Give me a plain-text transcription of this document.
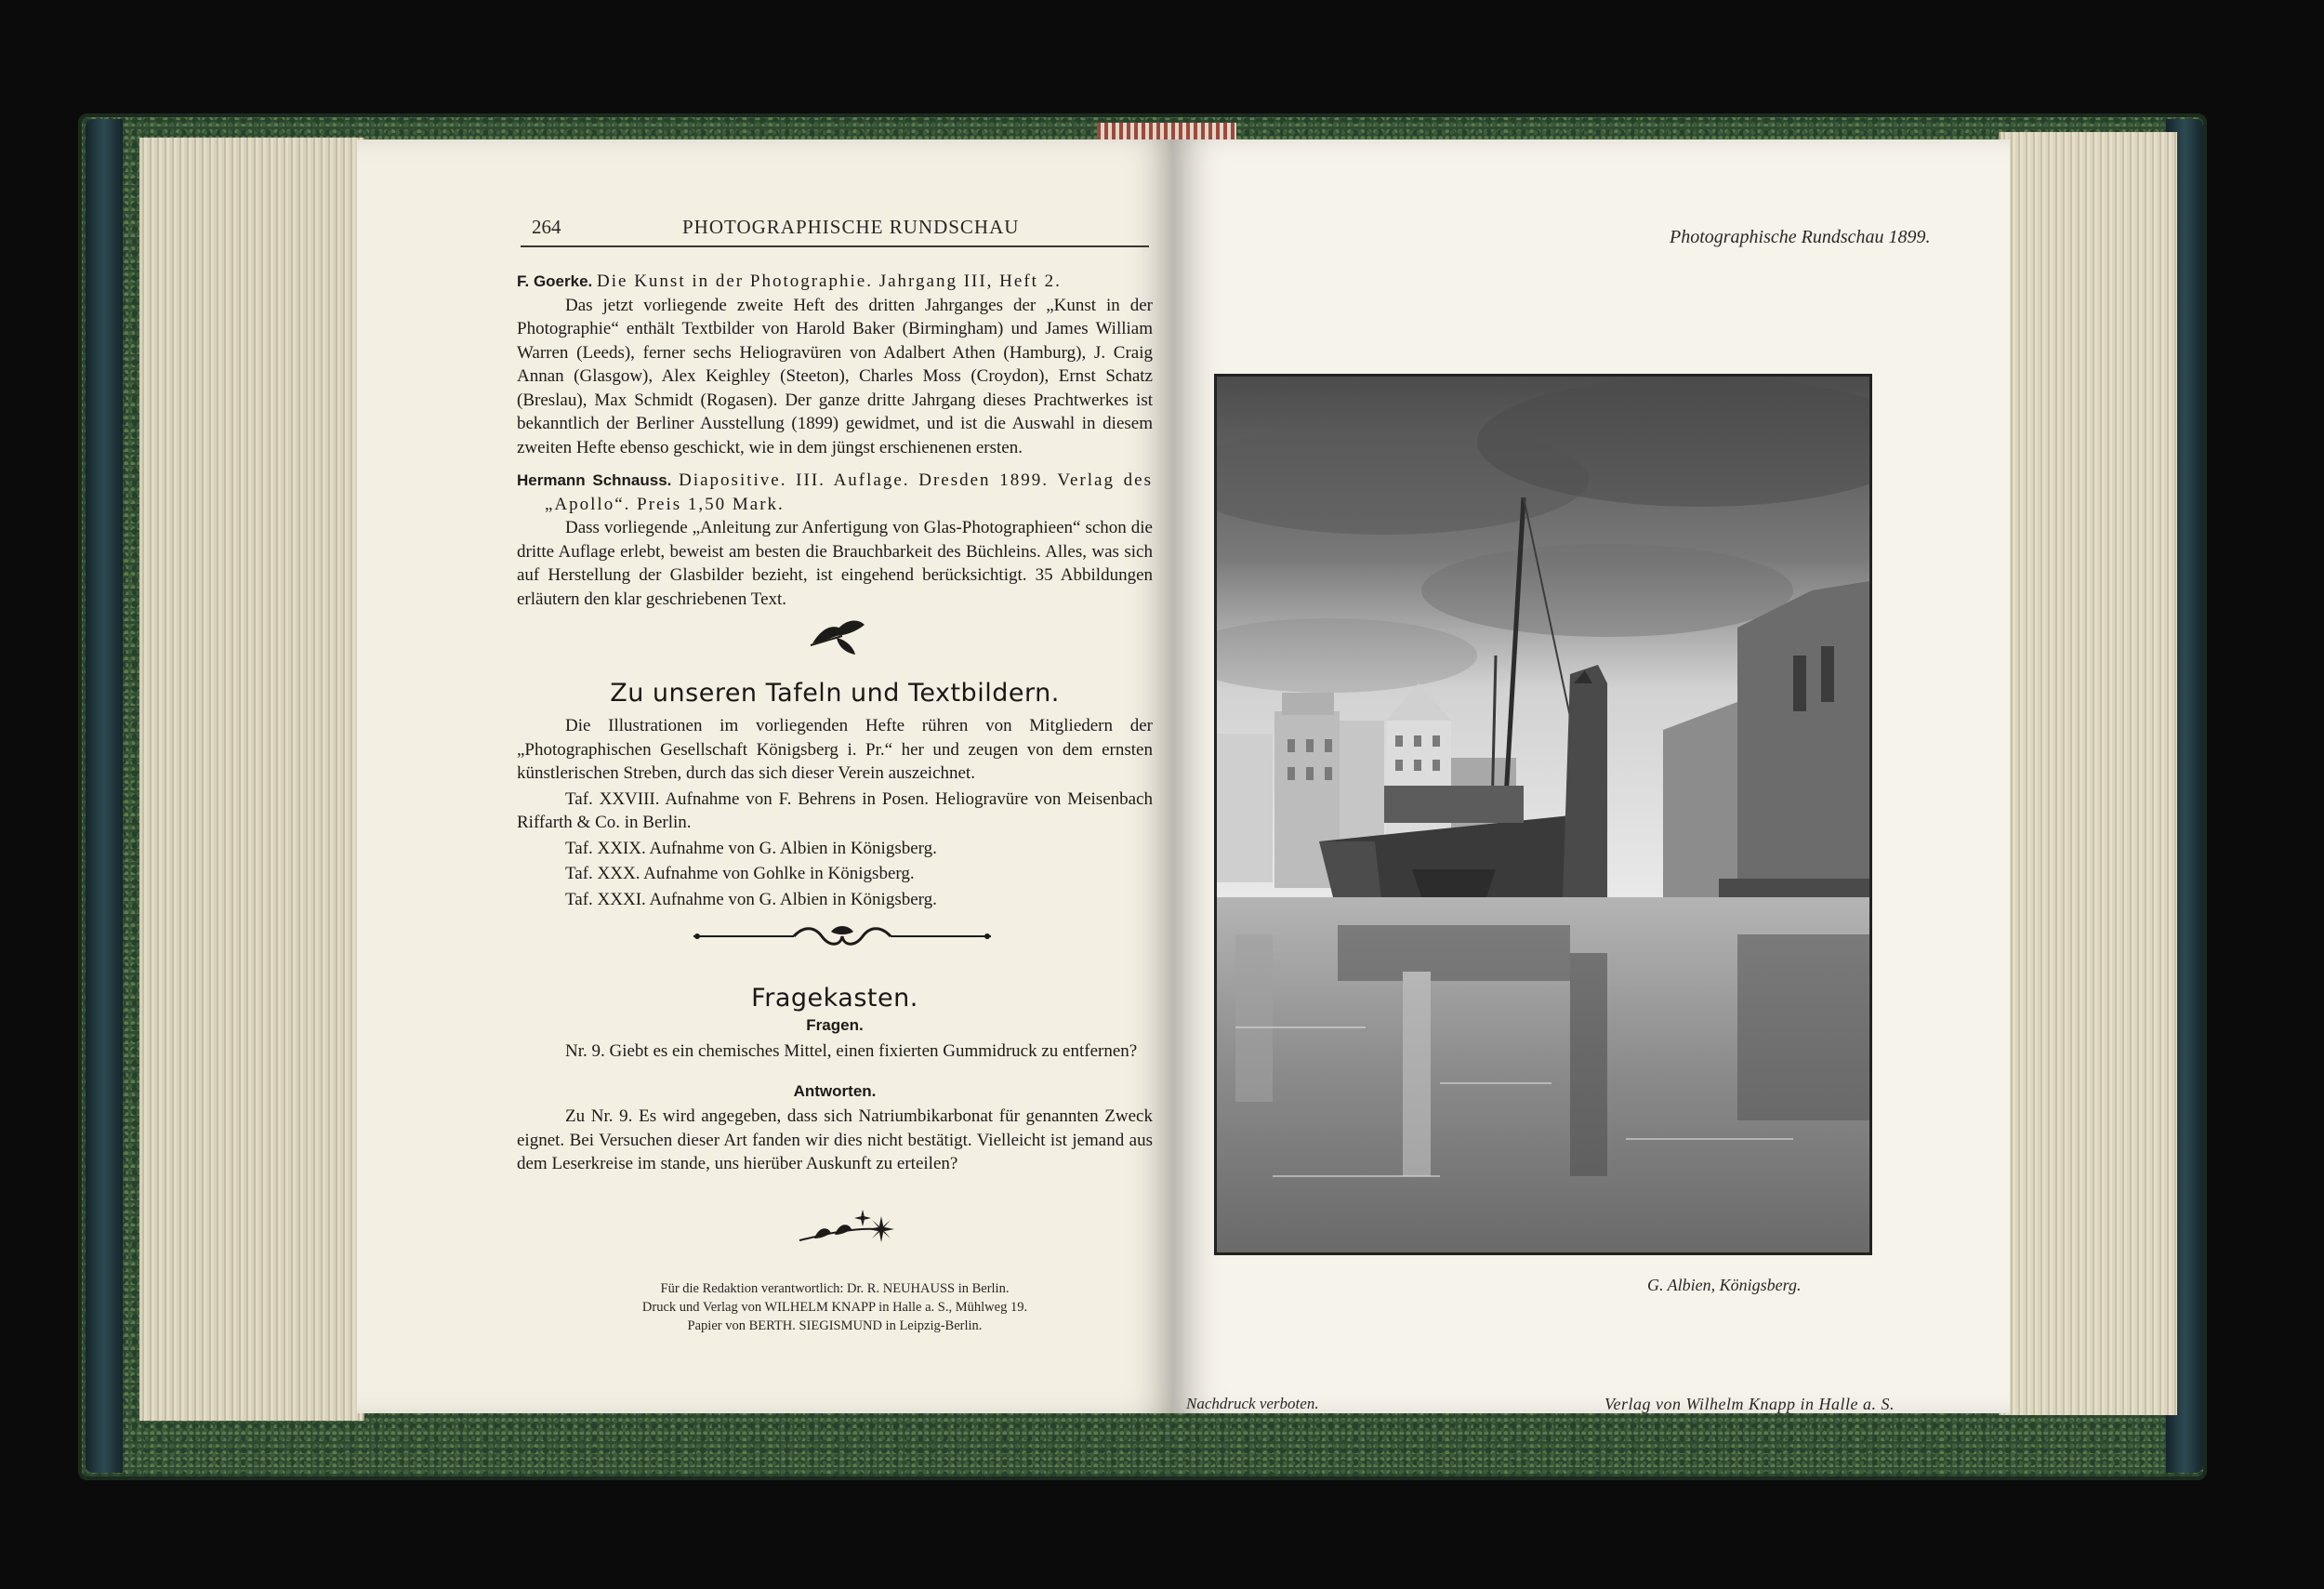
264	PHOTOGRAPHISCHE RUNDSCHAU

F. Goerke. Die Kunst in der Photographie. Jahrgang III, Heft 2.

Das jetzt vorliegende zweite Heft des dritten Jahrganges der „Kunst in der Photographie“ enthält Textbilder von Harold Baker (Birmingham) und James William Warren (Leeds), ferner sechs Heliogravüren von Adalbert Athen (Hamburg), J. Craig Annan (Glasgow), Alex Keighley (Steeton), Charles Moss (Croydon), Ernst Schatz (Breslau), Max Schmidt (Rogasen). Der ganze dritte Jahrgang dieses Prachtwerkes ist bekanntlich der Berliner Ausstellung (1899) gewidmet, und ist die Auswahl in diesem zweiten Hefte ebenso geschickt, wie in dem jüngst erschienenen ersten.

Hermann Schnauss. Diapositive. III. Auflage. Dresden 1899. Verlag des „Apollo“. Preis 1,50 Mark.

Dass vorliegende „Anleitung zur Anfertigung von Glas-Photographieen“ schon die dritte Auflage erlebt, beweist am besten die Brauchbarkeit des Büchleins. Alles, was sich auf Herstellung der Glasbilder bezieht, ist eingehend berücksichtigt. 35 Abbildungen erläutern den klar geschriebenen Text.

Zu unseren Tafeln und Textbildern.

Die Illustrationen im vorliegenden Hefte rühren von Mitgliedern der „Photographischen Gesellschaft Königsberg i. Pr.“ her und zeugen von dem ernsten künstlerischen Streben, durch das sich dieser Verein auszeichnet.

Taf. XXVIII. Aufnahme von F. Behrens in Posen. Heliogravüre von Meisenbach Riffarth & Co. in Berlin.

Taf. XXIX. Aufnahme von G. Albien in Königsberg.

Taf. XXX. Aufnahme von Gohlke in Königsberg.

Taf. XXXI. Aufnahme von G. Albien in Königsberg.

Fragekasten.
Fragen.

Nr. 9. Giebt es ein chemisches Mittel, einen fixierten Gummidruck zu entfernen?

Antworten.

Zu Nr. 9. Es wird angegeben, dass sich Natriumbikarbonat für genannten Zweck eignet. Bei Versuchen dieser Art fanden wir dies nicht bestätigt. Vielleicht ist jemand aus dem Leserkreise im stande, uns hierüber Auskunft zu erteilen?

Für die Redaktion verantwortlich: Dr. R. NEUHAUSS in Berlin.
Druck und Verlag von WILHELM KNAPP in Halle a. S., Mühlweg 19.
Papier von BERTH. SIEGISMUND in Leipzig-Berlin.
Photographische Rundschau 1899.
G. Albien, Königsberg.
Nachdruck verboten.	Verlag von Wilhelm Knapp in Halle a. S.
